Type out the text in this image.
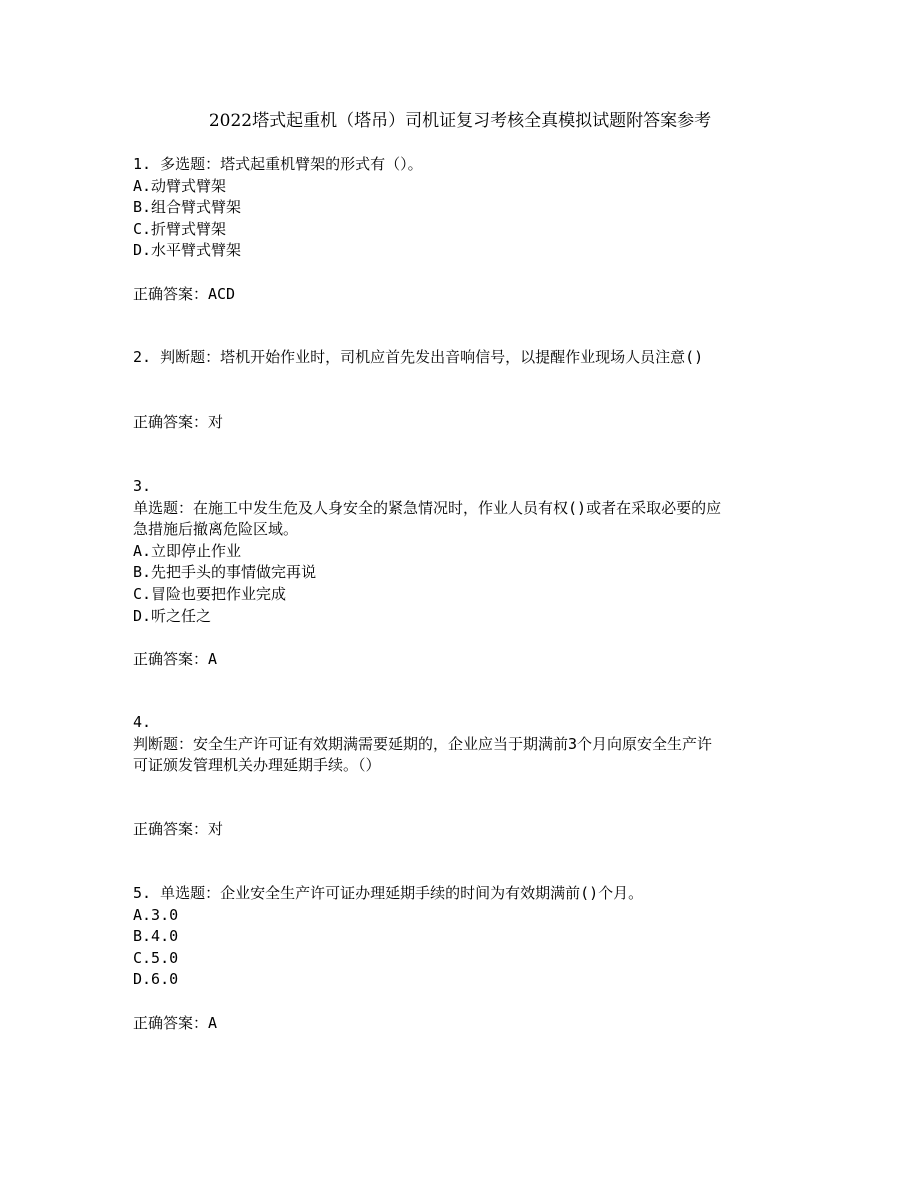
2022塔式起重机（塔吊）司机证复习考核全真模拟试题附答案参考
1. 多选题：塔式起重机臂架的形式有（）。
A.动臂式臂架
B.组合臂式臂架
C.折臂式臂架
D.水平臂式臂架
正确答案：ACD
2. 判断题：塔机开始作业时，司机应首先发出音响信号，以提醒作业现场人员注意()
正确答案：对
3.
单选题：在施工中发生危及人身安全的紧急情况时，作业人员有权()或者在采取必要的应
急措施后撤离危险区域。
A.立即停止作业
B.先把手头的事情做完再说
C.冒险也要把作业完成
D.听之任之
正确答案：A
4.
判断题：安全生产许可证有效期满需要延期的，企业应当于期满前3个月向原安全生产许
可证颁发管理机关办理延期手续。（）
正确答案：对
5. 单选题：企业安全生产许可证办理延期手续的时间为有效期满前()个月。
A.3.0
B.4.0
C.5.0
D.6.0
正确答案：A
